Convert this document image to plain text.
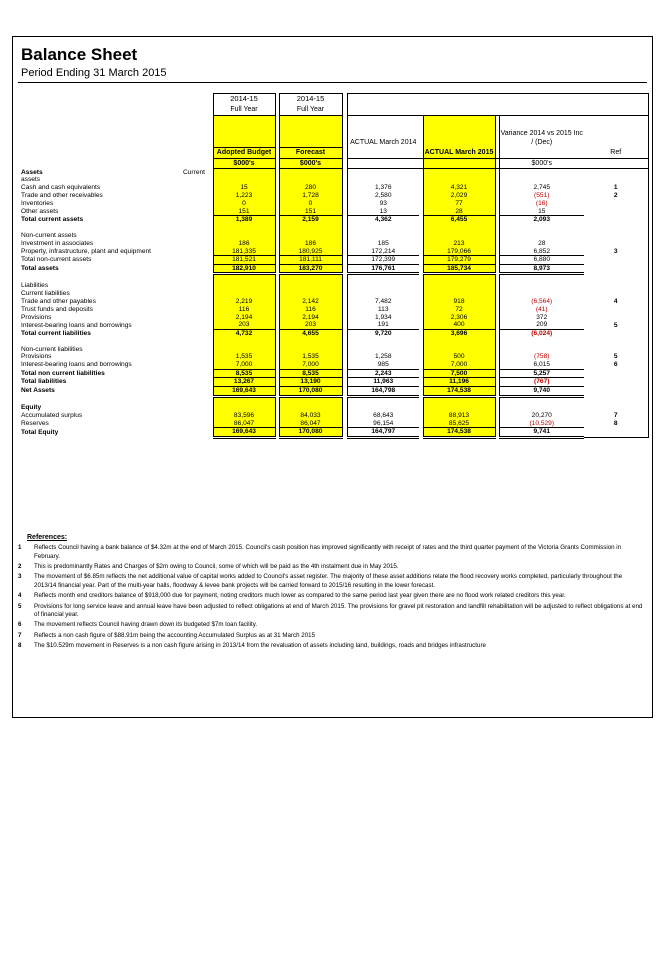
Balance Sheet
Period Ending 31 March 2015
		2014-15		2014-15							
		Full Year		Full Year							

						ACTUAL March 2014				Variance 2014 vs 2015 Inc / (Dec)	
		Adopted Budget		Forecast				ACTUAL March 2015			Ref
		$000's		$000's						$000's	
Assets	Current										
assets											
Cash and cash equivalents		15		280		1,376		4,321		2,745	1
Trade and other receivables		1,223		1,728		2,580		2,029		(551)	2
Inventories		0		0		93		77		(16)	
Other assets		151		151		13		28		15	
Total current assets		1,389		2,159		4,362		6,455		2,093	

Non-current assets											
Investment in associates		186		186		185		213		28	
Property, infrastructure, plant and equipment		181,335		180,925		172,214		179,066		6,852	3
Total non-current assets		181,521		181,111		172,399		179,279		6,880	
Total assets		182,910		183,270		176,761		185,734		8,973	

Liabilities											
Current liabilities											
Trade and other payables		2,219		2,142		7,482		918		(6,564)	4
Trust funds and deposits		116		116		113		72		(41)	
Provisions		2,194		2,194		1,934		2,306		372	
Interest-bearing loans and borrowings		203		203		191		400		209	5
Total current liabilities		4,732		4,655		9,720		3,696		(6,024)	

Non-current liabilities											
Provisions		1,535		1,535		1,258		500		(758)	5
Interest-bearing loans and borrowings		7,000		7,000		985		7,000		6,015	6
Total non current liabilities		8,535		8,535		2,243		7,500		5,257	
Total liabilities		13,267		13,190		11,963		11,196		(767)	
Net Assets		169,643		170,080		164,798		174,538		9,740	

Equity											
Accumulated surplus		83,596		84,033		68,643		88,913		20,270	7
Reserves		86,047		86,047		96,154		85,625		(10,529)	8
Total Equity		169,643		170,080		164,797		174,538		9,741	
References:
1 Reflects Council having a bank balance of $4.32m at the end of March 2015. Council's cash position has improved significantly with receipt of rates and the third quarter payment of the Victoria Grants Commission in February.
2 This is predominantly Rates and Charges of $2m owing to Council, some of which will be paid as the 4th instalment due in May 2015.
3 The movement of $6.85m reflects the net additional value of capital works added to Council's asset register. The majority of these asset additions relate the flood recovery works completed, particularly throughout the 2013/14 financial year. Part of the multi-year halls, floodway & levee bank projects will be carried forward to 2015/16 resulting in the lower forecast.
4 Reflects month end creditors balance of $918,000 due for payment, noting creditors much lower as compared to the same period last year given there are no flood work related creditors this year.
5 Provisions for long service leave and annual leave have been adjusted to reflect obligations at end of March 2015. The provisions for gravel pit restoration and landfill rehabilitation will be adjusted to reflect obligations at end of financial year.
6 The movement reflects Council having drawn down its budgeted $7m loan facility.
7 Reflects a non cash figure of $88.91m being the accounting Accumulated Surplus as at 31 March 2015
8 The $10.529m movement in Reserves is a non cash figure arising in 2013/14 from the revaluation of assets including land, buildings, roads and bridges infrastructure
